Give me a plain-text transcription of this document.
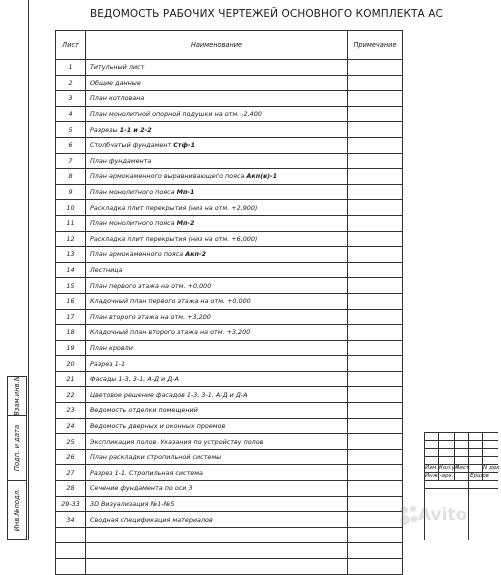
ВЕДОМОСТЬ РАБОЧИХ ЧЕРТЕЖЕЙ ОСНОВНОГО КОМПЛЕКТА АС
Лист	Наименование	Примечание
1	Титульный лист	
2	Общие данные	
3	План котлована	
4	План монолитной опорной подушки на отм. -2,400	
5	Разрезы 1-1 и 2-2	
6	Столбчатый фундамент Стф-1	
7	План фундамента	
8	План армокаменного выравнивающего пояса Акп(в)-1	
9	План монолитного пояса Мп-1	
10	Раскладка плит перекрытия (низ на отм. +2,900)	
11	План монолитного пояса Мп-2	
12	Раскладка плит перекрытия (низ на отм. +6,000)	
13	План армокаменного пояса Акп-2	
14	Лестница	
15	План первого этажа на отм. +0,000	
16	Кладочный план первого этажа на отм. +0,000	
17	План второго этажа на отм. +3,200	
18	Кладочный план второго этажа на отм. +3,200	
19	План кровли	
20	Разрез 1-1	
21	Фасады 1-3, 3-1, А-Д и Д-А	
22	Цветовое решение фасадов 1-3, 3-1, А-Д и Д-А	
23	Ведомость отделки помещений	
24	Ведомость дверных и оконных проемов	
25	Экспликация полов. Указания по устройству полов	
26	План раскладки стропильной системы	
27	Разрез 1-1. Стропильная система	
28	Сечение фундамента по оси 3	
29-33	3D Визуализация №1-№5	
34	Сводная спецификация материалов	

Взам.инв.N
Подп. и дата
Инв.№подл.
Изм. Кол.уч
Лист N док.
Инж.-арх.	Ершов
Avito
